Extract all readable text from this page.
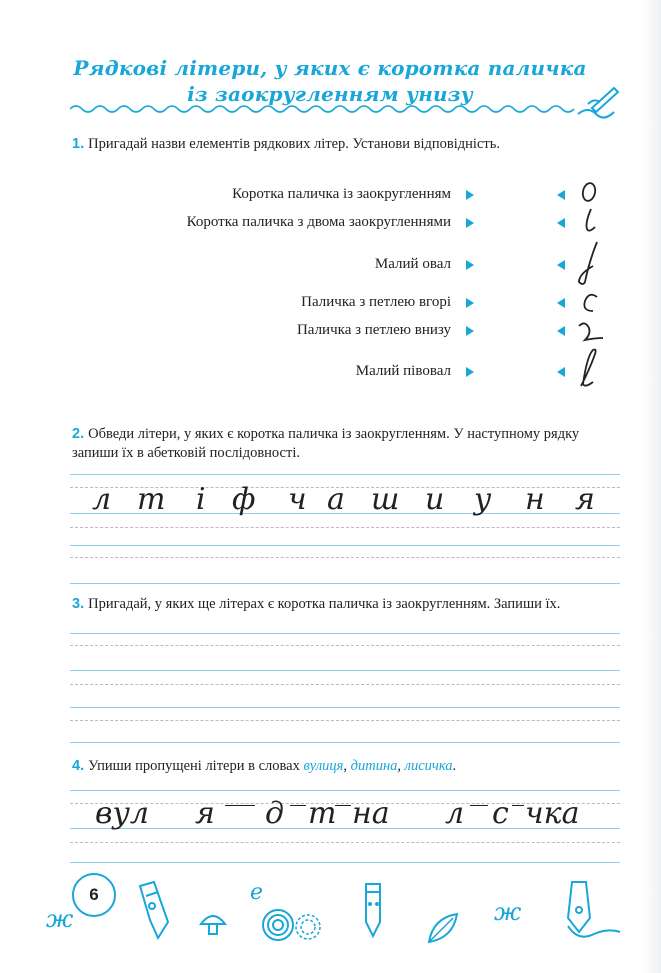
Рядкові літери, у яких є коротка паличка
із заокругленням унизу
1. Пригадай назви елементів рядкових літер. Установи відповідність.
Коротка паличка із заокругленням
Коротка паличка з двома заокругленнями
Малий овал
Паличка з петлею вгорі
Паличка з петлею внизу
Малий півовал
2. Обведи літери, у яких є коротка паличка із заокругленням. У наступному рядку запиши їх в абетковій послідовності.
л т і ф ч а ш и у н я
3. Пригадай, у яких ще літерах є коротка паличка із заокругленням. Запиши їх.
4. Упиши пропущені літери в словах вулиця, дитина, лисичка.
вул я д т на л с чка
6
ж
е
ж
